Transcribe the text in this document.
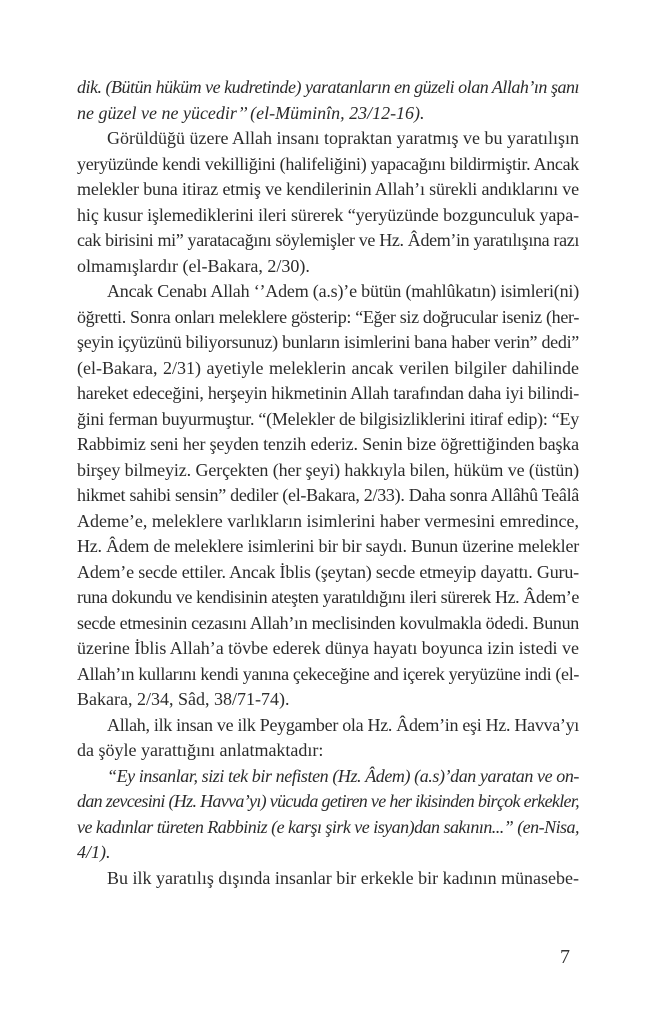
dik. (Bütün hüküm ve kudretinde) yaratanların en güzeli olan Allah’ın şanı
ne güzel ve ne yücedir’’ (el-Müminîn, 23/12-16).
Görüldüğü üzere Allah insanı topraktan yaratmış ve bu yaratılışın
yeryüzünde kendi vekilliğini (halifeliğini) yapacağını bildirmiştir. Ancak
melekler buna itiraz etmiş ve kendilerinin Allah’ı sürekli andıklarını ve
hiç kusur işlemediklerini ileri sürerek “yeryüzünde bozgunculuk yapa-
cak birisini mi” yaratacağını söylemişler ve Hz. Âdem’in yaratılışına razı
olmamışlardır (el-Bakara, 2/30).
Ancak Cenabı Allah ‘’Adem (a.s)’e bütün (mahlûkatın) isimleri(ni)
öğretti. Sonra onları meleklere gösterip: “Eğer siz doğrucular iseniz (her-
şeyin içyüzünü biliyorsunuz) bunların isimlerini bana haber verin” dedi”
(el-Bakara, 2/31) ayetiyle meleklerin ancak verilen bilgiler dahilinde
hareket edeceğini, herşeyin hikmetinin Allah tarafından daha iyi bilindi-
ğini ferman buyurmuştur. “(Melekler de bilgisizliklerini itiraf edip): “Ey
Rabbimiz seni her şeyden tenzih ederiz. Senin bize öğrettiğinden başka
birşey bilmeyiz. Gerçekten (her şeyi) hakkıyla bilen, hüküm ve (üstün)
hikmet sahibi sensin” dediler (el-Bakara, 2/33). Daha sonra Allâhû Teâlâ
Ademe’e, meleklere varlıkların isimlerini haber vermesini emredince,
Hz. Âdem de meleklere isimlerini bir bir saydı. Bunun üzerine melekler
Adem’e secde ettiler. Ancak İblis (şeytan) secde etmeyip dayattı. Guru-
runa dokundu ve kendisinin ateşten yaratıldığını ileri sürerek Hz. Âdem’e
secde etmesinin cezasını Allah’ın meclisinden kovulmakla ödedi. Bunun
üzerine İblis Allah’a tövbe ederek dünya hayatı boyunca izin istedi ve
Allah’ın kullarını kendi yanına çekeceğine and içerek yeryüzüne indi (el-
Bakara, 2/34, Sâd, 38/71-74).
Allah, ilk insan ve ilk Peygamber ola Hz. Âdem’in eşi Hz. Havva’yı
da şöyle yarattığını anlatmaktadır:
“Ey insanlar, sizi tek bir nefisten (Hz. Âdem) (a.s)’dan yaratan ve on-
dan zevcesini (Hz. Havva’yı) vücuda getiren ve her ikisinden birçok erkekler,
ve kadınlar türeten Rabbiniz (e karşı şirk ve isyan)dan sakının...” (en-Nisa,
4/1).
Bu ilk yaratılış dışında insanlar bir erkekle bir kadının münasebe-
7
